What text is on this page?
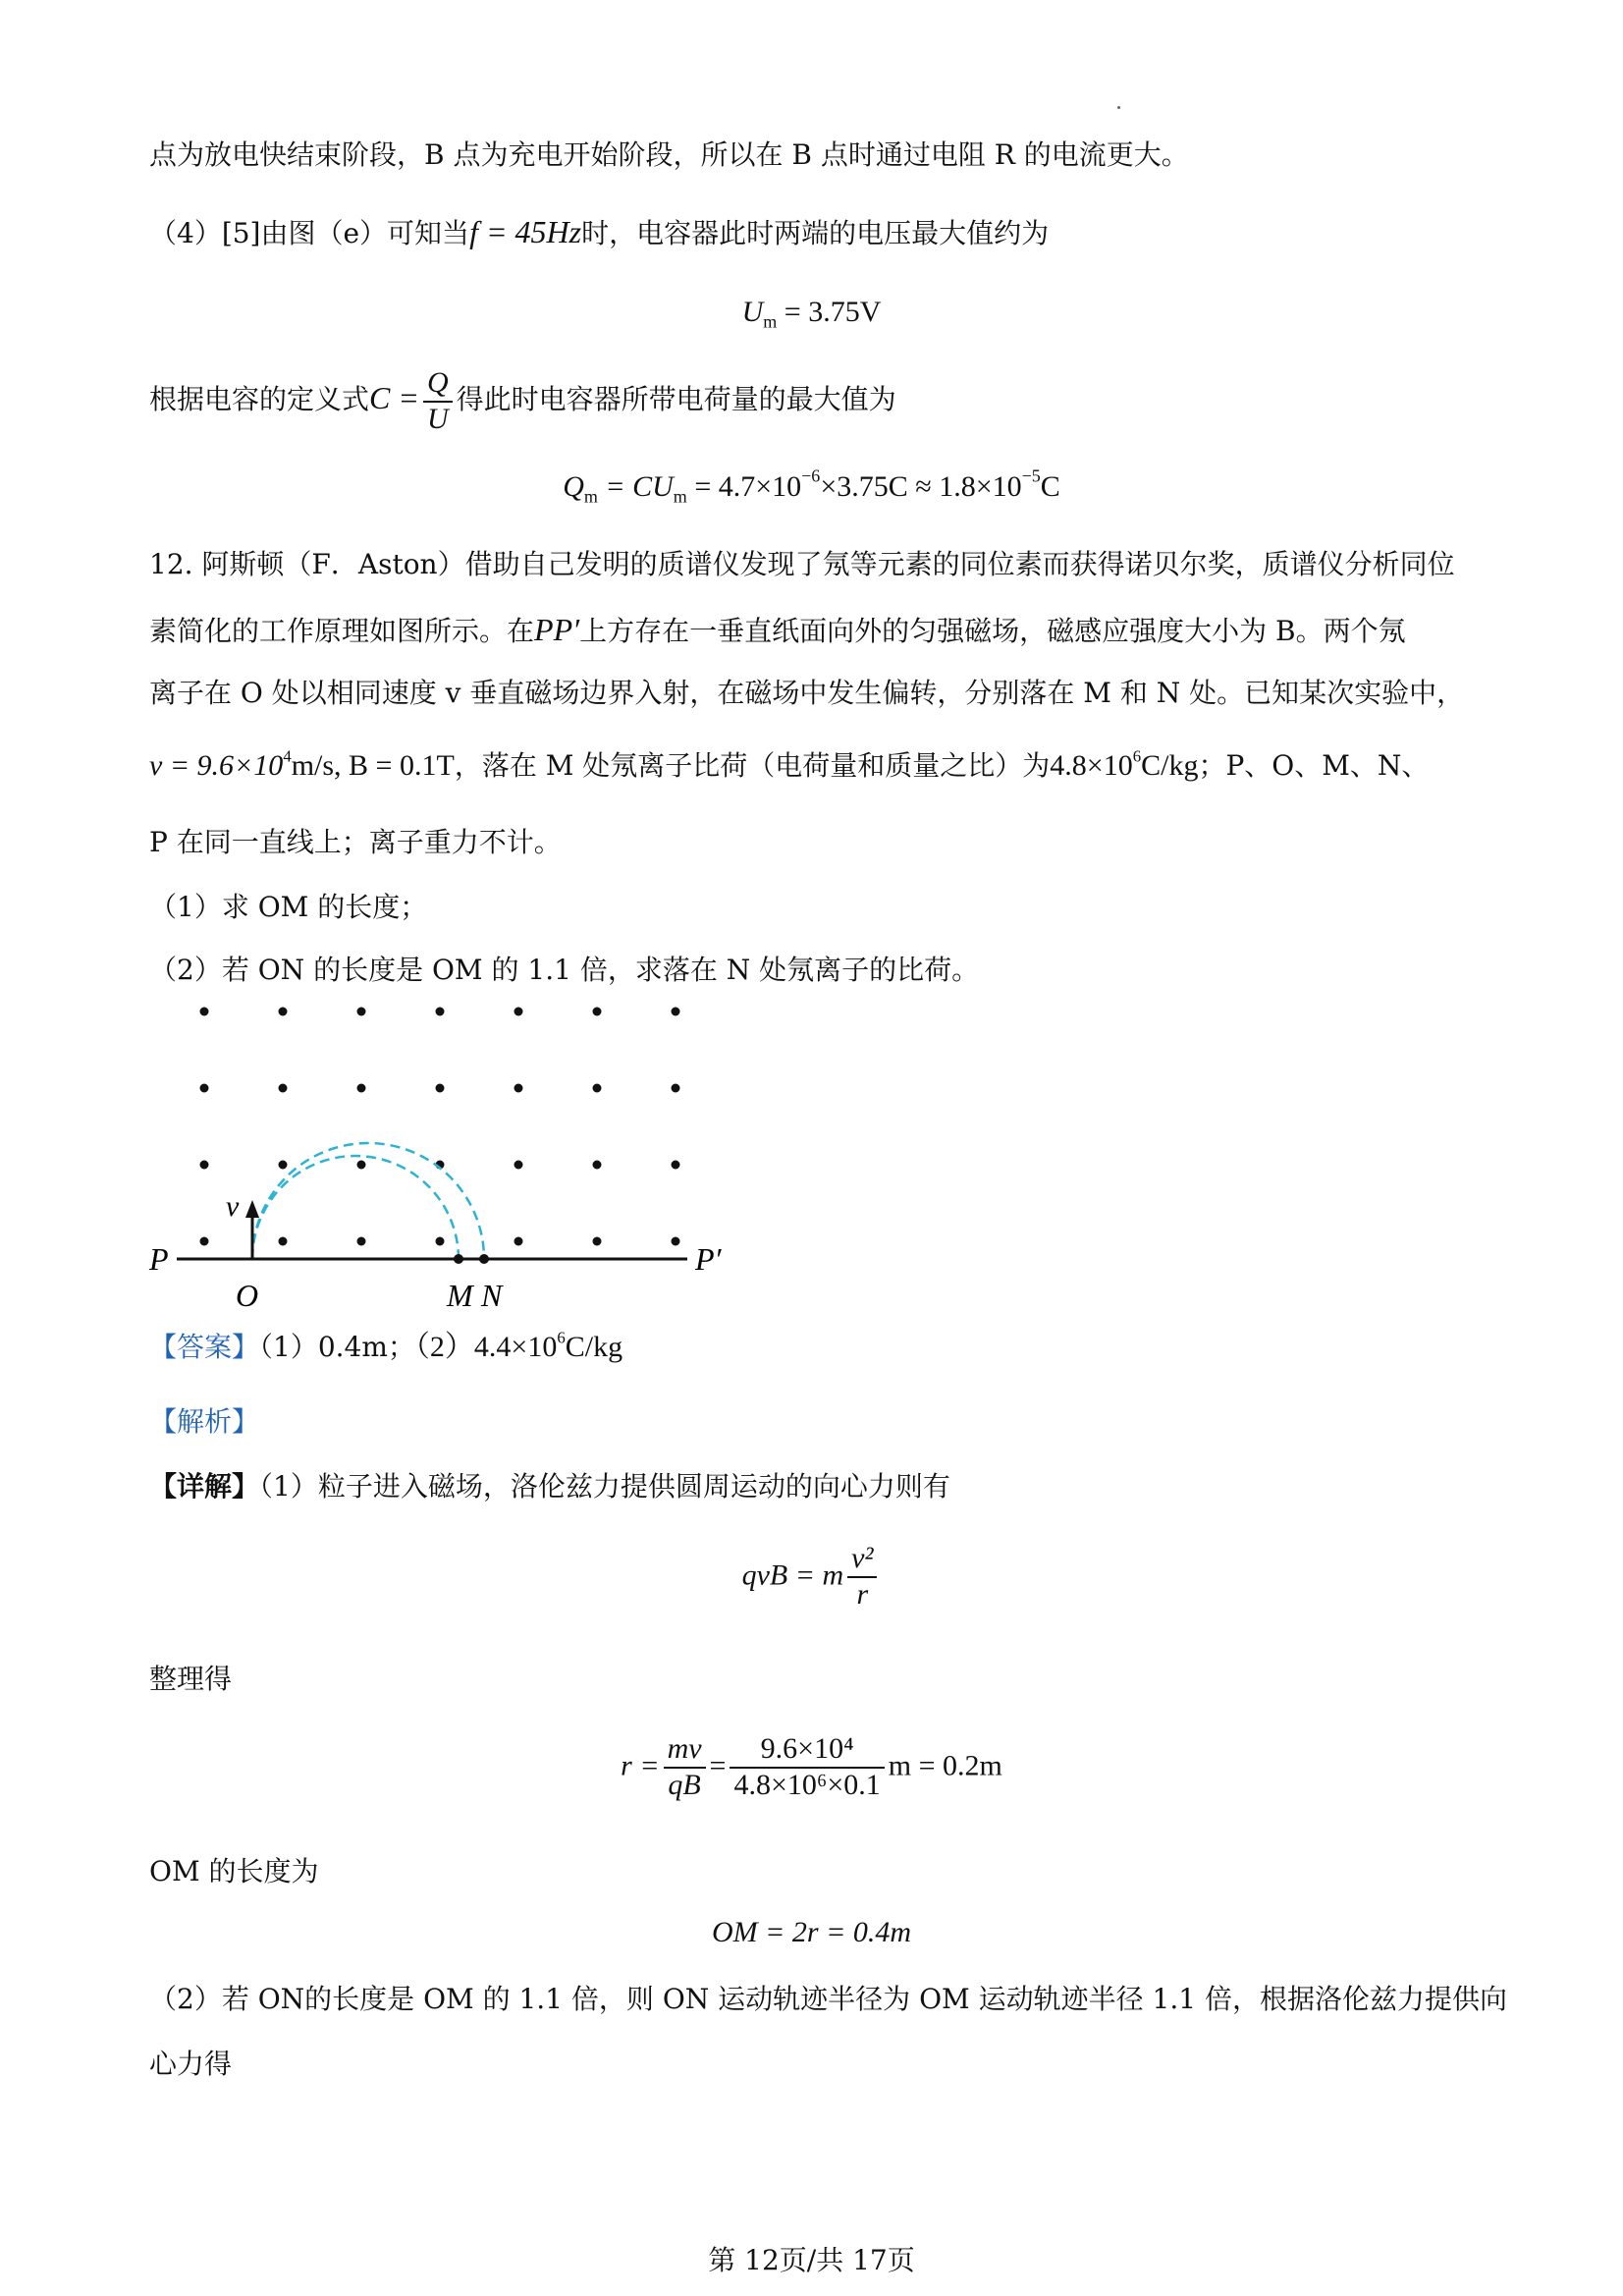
点为放电快结束阶段，B 点为充电开始阶段，所以在 B 点时通过电阻 R 的电流更大。
（4）[5]由图（e）可知当f = 45Hz时，电容器此时两端的电压最大值约为
$U_m = 3.75V$
根据电容的定义式$C = \frac{Q}{U}$ 得此时电容器所带电荷量的最大值为
$Q_m = CU_m = 4.7\times 10^{-6}\times 3.75C \approx 1.8\times 10^{-5}C$
12. 阿斯顿（F．Aston）借助自己发明的质谱仪发现了氖等元素的同位素而获得诺贝尔奖，质谱仪分析同位
素简化的工作原理如图所示。在PP′上方存在一垂直纸面向外的匀强磁场，磁感应强度大小为 B。两个氖
离子在 O 处以相同速度 v 垂直磁场边界入射，在磁场中发生偏转，分别落在 M 和 N 处。已知某次实验中，
$v = 9.6\times 10^4m/s$, B = 0.1T，落在 M 处氖离子比荷（电荷量和质量之比）为$4.8\times 10^6C/kg$；P、O、M、N、
P 在同一直线上；离子重力不计。
（1）求 OM 的长度；
（2）若 ON 的长度是 OM 的 1.1 倍，求落在 N 处氖离子的比荷。
v
P
O	M N
P′
【答案】（1）0.4m；$(2)4.4\times 10^6C/kg$
【解析】
【详解】（1）粒子进入磁场，洛伦兹力提供圆周运动的向心力则有
qvB = m $\frac{\text{v²}}{r}$
整理得
$r = \frac{mv}{qB} = \frac{\text{9.6×10⁴}}{\text{4.8×10⁶×0.1}}$ m = 0.2m
OM 的长度为
OM = 2r = 0.4m
（2）若 ON的长度是 OM 的 1.1 倍，则 ON 运动轨迹半径为 OM 运动轨迹半径 1.1 倍，根据洛伦兹力提供向
心力得
第 12页/共 17页
